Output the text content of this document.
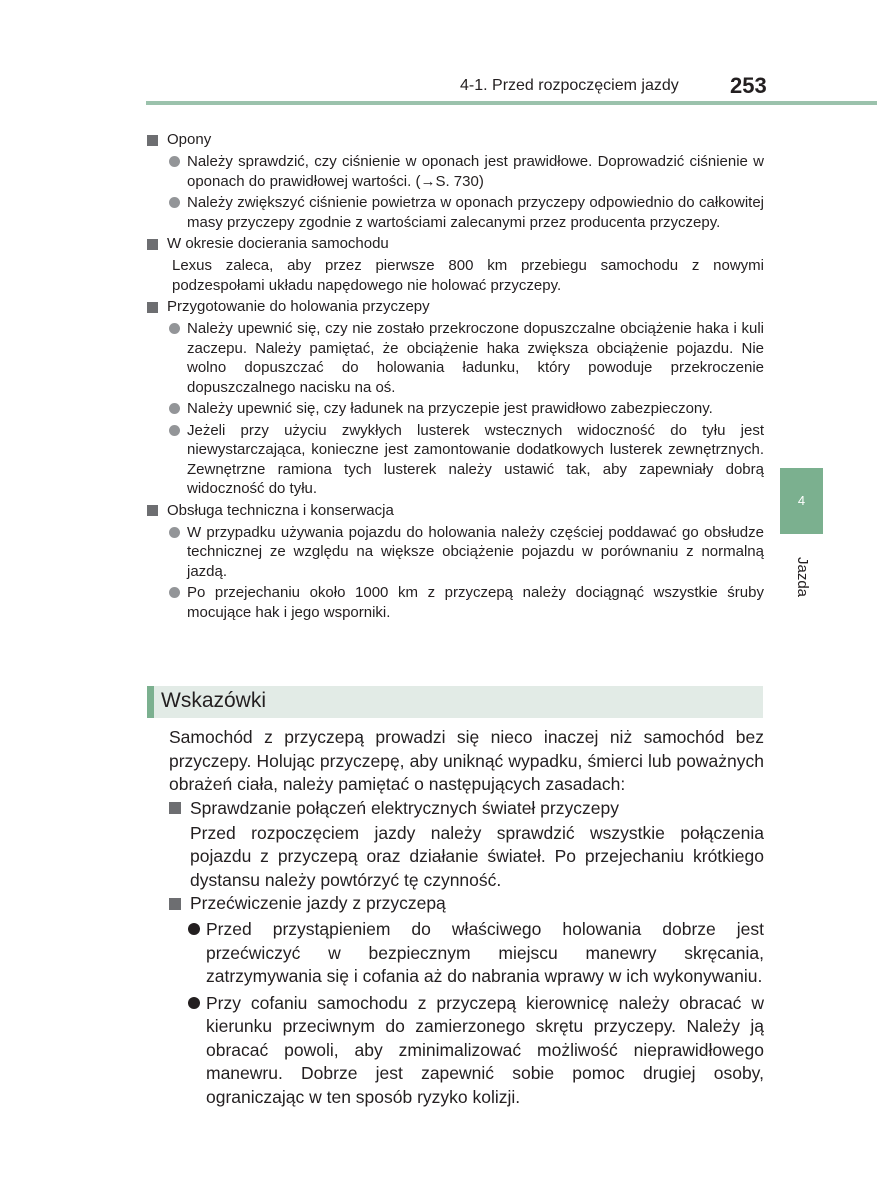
4-1. Przed rozpoczęciem jazdy 253
4
Jazda
Opony
Należy sprawdzić, czy ciśnienie w oponach jest prawidłowe. Doprowadzić ciśnienie w oponach do prawidłowej wartości. (→S. 730)
Należy zwiększyć ciśnienie powietrza w oponach przyczepy odpowiednio do całkowitej masy przyczepy zgodnie z wartościami zalecanymi przez producenta przyczepy.
W okresie docierania samochodu
Lexus zaleca, aby przez pierwsze 800 km przebiegu samochodu z nowymi podzespołami układu napędowego nie holować przyczepy.
Przygotowanie do holowania przyczepy
Należy upewnić się, czy nie zostało przekroczone dopuszczalne obciążenie haka i kuli zaczepu. Należy pamiętać, że obciążenie haka zwiększa obciążenie pojazdu. Nie wolno dopuszczać do holowania ładunku, który powoduje przekroczenie dopuszczalnego nacisku na oś.
Należy upewnić się, czy ładunek na przyczepie jest prawidłowo zabezpieczony.
Jeżeli przy użyciu zwykłych lusterek wstecznych widoczność do tyłu jest niewystarczająca, konieczne jest zamontowanie dodatkowych lusterek zewnętrznych. Zewnętrzne ramiona tych lusterek należy ustawić tak, aby zapewniały dobrą widoczność do tyłu.
Obsługa techniczna i konserwacja
W przypadku używania pojazdu do holowania należy częściej poddawać go obsłudze technicznej ze względu na większe obciążenie pojazdu w porównaniu z normalną jazdą.
Po przejechaniu około 1000 km z przyczepą należy dociągnąć wszystkie śruby mocujące hak i jego wsporniki.
Wskazówki
Samochód z przyczepą prowadzi się nieco inaczej niż samochód bez przyczepy. Holując przyczepę, aby uniknąć wypadku, śmierci lub poważnych obrażeń ciała, należy pamiętać o następujących zasadach:
Sprawdzanie połączeń elektrycznych świateł przyczepy
Przed rozpoczęciem jazdy należy sprawdzić wszystkie połączenia pojazdu z przyczepą oraz działanie świateł. Po przejechaniu krótkiego dystansu należy powtórzyć tę czynność.
Przećwiczenie jazdy z przyczepą
Przed przystąpieniem do właściwego holowania dobrze jest przećwiczyć w bezpiecznym miejscu manewry skręcania, zatrzymywania się i cofania aż do nabrania wprawy w ich wykonywaniu.
Przy cofaniu samochodu z przyczepą kierownicę należy obracać w kierunku przeciwnym do zamierzonego skrętu przyczepy. Należy ją obracać powoli, aby zminimalizować możliwość nieprawidłowego manewru. Dobrze jest zapewnić sobie pomoc drugiej osoby, ograniczając w ten sposób ryzyko kolizji.
